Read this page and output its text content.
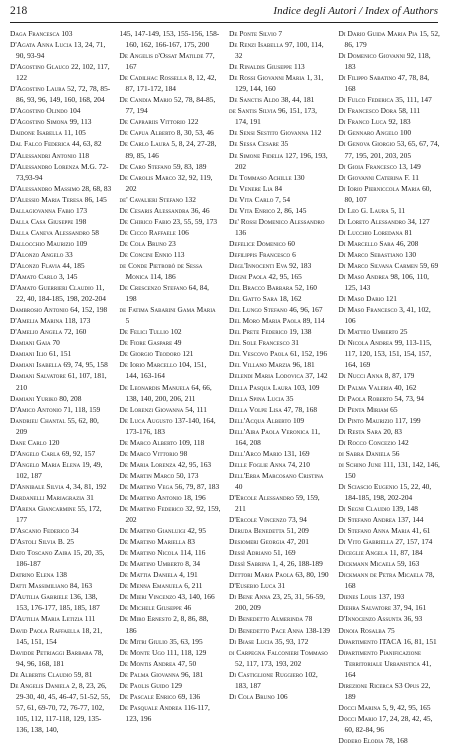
218	Indice degli Autori / Index of Authors

Daga Francesca 103

D'Agata Anna Lucia 13, 24, 71, 90, 93-94

D'Agostino Glauco 22, 102, 117, 122

D'Agostino Laura 52, 72, 78, 85-86, 93, 96, 149, 160, 168, 204

D'Agostino Olindo 104

D'Agostino Simona 99, 113

Daidone Isabella 11, 105

Dal Falco Federica 44, 63, 82

D'Alessandri Antonio 118

D'Alessandro Lorenza M.G. 72-73,93-94

D'Alessandro Massimo 28, 68, 83

D'Alessio Maria Teresa 86, 145

Dallagiovanna Fabio 173

Dalla Casa Giuseppe 198

Dalla Caneva Alessandro 58

Dallocchio Maurizio 109

D'Alonzo Angelo 33

D'Alonzo Flavia 44, 185

D'Amato Carlo 3, 145

D'Amato Guerrieri Claudio 11, 22, 40, 184-185, 198, 202-204

Dambrosio Antonio 64, 152, 198

D'Amelia Marina 118, 173

D'Amelio Angela 72, 160

Damiani Gaia 70

Damiani Ilio 61, 151

Damiani Isabella 69, 74, 95, 158

Damiani Salvatore 61, 107, 181, 210

Damiani Yuriko 80, 208

D'Amico Antonio 71, 118, 159

Dandrieu Chantal 55, 62, 80, 209

Dane Carlo 120

D'Angelo Carla 69, 92, 157

D'Angelo Maria Elena 19, 49, 102, 187

D'Annibale Silvia 4, 34, 81, 192

Dardanelli Mariagrazia 31

D'Arena Giancarmine 55, 172, 177

D'Ascanio Federico 34

D'Astoli Silvia B. 25

Dato Toscano Zaira 15, 20, 35, 186-187

Datrino Elena 138

Datti Massimiliano 84, 163

D'Autilia Gabriele 136, 138, 153, 176-177, 185, 185, 187

D'Autilia Maria Letizia 111

David Paola Raffaella 18, 21, 145, 151, 154

Davidde Petriaggi Barbara 78, 94, 96, 168, 181

De Albertis Claudio 59, 81

De Angelis Daniela 2, 8, 23, 26, 29-30, 40, 45, 46-47, 51-52, 55, 57, 61, 69-70, 72, 76-77, 102, 105, 112, 117-118, 129, 135-136, 138, 140,

145, 147-149, 153, 155-156, 158-160, 162, 166-167, 175, 200

De Angelis d'Ossat Matilde 77, 167

De Cadilhac Rossella 8, 12, 42, 87, 171-172, 184

De Candia Mario 52, 78, 84-85, 77, 194

De Caprariis Vittorio 122

De Capua Alberto 8, 30, 53, 46

De Carlo Laura 5, 8, 24, 27-28, 89, 85, 146

De Caro Stefano 59, 83, 189

De Carolis Marco 32, 92, 119, 202

de' Cavalieri Stefano 132

De Cesaris Alessandra 36, 46

De Chirico Fabio 23, 55, 59, 173

De Cicco Raffaele 106

De Cola Bruno 23

De Concini Ennio 113

de Conde Pietrobò de Sessa Monica 114, 186

De Crescenzo Stefano 64, 84, 198

de Fatima Sabarini Gama Maria 5

De Felici Tullio 102

De Fiore Gaspare 49

De Giorgio Teodoro 121

De Iorio Marcello 104, 151, 144, 163-164

De Leonardis Manuela 64, 66, 138, 140, 200, 206, 211

De Lorenzi Giovanna 54, 111

De Luca Augusto 137-140, 164, 173-176, 183

De Marco Alberto 109, 118

De Marco Vittorio 98

De Maria Lorenza 42, 95, 163

De Martin Marco 50, 173

De Martino Vega 56, 79, 87, 183

De Martino Antonio 18, 196

De Martino Federico 32, 92, 159, 202

De Martino Gianluigi 42, 95

De Martino Mariella 83

De Martino Nicola 114, 116

De Martino Umberto 8, 34

De Mattia Daniela 4, 191

De Menna Emanuela 6, 211

De Mieri Vincenzo 43, 140, 166

De Michele Giuseppe 46

De Miro Ernesto 2, 8, 86, 88, 186

De Mitri Giulio 35, 63, 195

De Monte Ugo 111, 118, 129

De Montis Andrea 47, 50

De Palma Giovanna 96, 181

De Paolis Guido 129

De Pascale Enrico 69, 136

De Pasquale Andrea 116-117, 123, 196

De Ponte Silvio 7

De Renzi Isabella 97, 100, 114, 32

De Rinaldis Giuseppe 113

De Rossi Giovanni Maria 1, 31, 129, 144, 160

De Sanctis Aldo 38, 44, 181

de Santis Silvia 96, 151, 173, 174, 191

De Sensi Sestito Giovanna 112

De Sessa Cesare 35

De Simone Fidelia 127, 196, 193, 202

De Tommaso Achille 130

De Venere Lia 84

De Vita Carlo 7, 54

De Vita Enrico 2, 86, 145

De' Rossi Domenico Alessandro 136

Defelice Domenico 60

Defilippis Francesco 6

Degl'Innocenti Eva 92, 183

Degni Paola 42, 95, 165

Del Bracco Barbara 52, 160

Del Gatto Sara 18, 162

Del Lungo Stefano 46, 96, 167

Del Moro Maria Paola 89, 114

Del Prete Federico 19, 138

Del Sole Francesco 31

Del Vescovo Paola 61, 152, 196

Del Villano Marzia 96, 181

Delendi Maria Lodovica 37, 142

Della Pasqua Laura 103, 109

Della Spina Lucia 35

Della Volpe Lisa 47, 78, 168

Dell'Acqua Alberto 109

Dell'Aira Paola Veronica 11, 164, 208

Dell'Arco Mario 131, 169

Delle Foglie Anna 74, 210

Dell'Erba Marcosano Cristina 40

D'Ercole Alessandro 59, 159, 211

D'Ercole Vincenzo 73, 94

Deruda Benedetta 51, 209

Desiomeri Georgia 47, 201

Dessì Adriano 51, 169

Dessì Sabrina 1, 4, 26, 188-189

Dettori Maria Paola 63, 80, 190

D'Eusebio Luca 31

Di Bene Anna 23, 25, 31, 56-59, 200, 209

Di Benedetto Almerinda 78

Di Benedetto Pace Anna 138-139

Di Biase Lucia 35, 93, 172

di Carpegna Falconieri Tommaso 52, 117, 173, 193, 202

Di Castiglione Ruggiero 102, 183, 187

Di Cola Bruno 106

Di Dario Guida Maria Pia 15, 52, 86, 179

Di Domenico Giovanni 92, 118, 183

Di Filippo Sabatino 47, 78, 84, 168

Di Fulco Federica 35, 111, 147

Di Francesco Dora 58, 111

Di Franco Luca 92, 183

Di Gennaro Angelo 100

Di Genova Giorgio 53, 65, 67, 74, 77, 195, 201, 203, 205

Di Gioia Francesco 13, 149

Di Giovanni Caterina F. 11

Di Iorio Pierniccola Maria 60, 80, 107

Di Leo G. Laura 5, 11

Di Loreto Alessandro 34, 127

Di Lucchio Loredana 81

Di Marcello Sara 46, 208

Di Marco Sebastiano 130

Di Marco Silvana Carmen 59, 69

Di Maso Andrea 98, 106, 110, 125, 143

Di Maso Dario 121

Di Maso Francesco 3, 41, 102, 106

Di Matteo Umberto 25

Di Nicola Andrea 99, 113-115, 117, 120, 153, 151, 154, 157, 164, 169

Di Nucci Anna 8, 87, 179

Di Palma Valeria 40, 162

Di Paola Roberto 54, 73, 94

Di Penta Miriam 65

Di Pinto Maurizio 117, 199

Di Resta Sara 20, 83

Di Rocco Concezio 142

di Sabra Daniela 56

di Schino June 111, 131, 142, 146, 150

Di Sciascio Eugenio 15, 22, 40, 184-185, 198, 202-204

Di Segni Claudio 139, 148

Di Stefano Andrea 137, 144

Di Stefano Anna Maria 41, 61

Di Vito Gabriella 27, 157, 174

Diceglie Angela 11, 87, 184

Dickmann Micaela 59, 163

Dickmann de Petra Micaela 78, 168

Dienes Louis 137, 193

Diehra Salvatore 37, 94, 161

D'Innocenzo Assunta 36, 93

Dinoia Rosalba 75

Dipartimento ITACA 16, 81, 151

Dipartimento Pianificazione Territoriale Urbanistica 41, 164

Direzione Ricerca S3 Opus 22, 189

Docci Marina 5, 9, 42, 95, 165

Docci Mario 17, 24, 28, 42, 45, 60, 82-84, 96

Dodero Elodia 78, 168
